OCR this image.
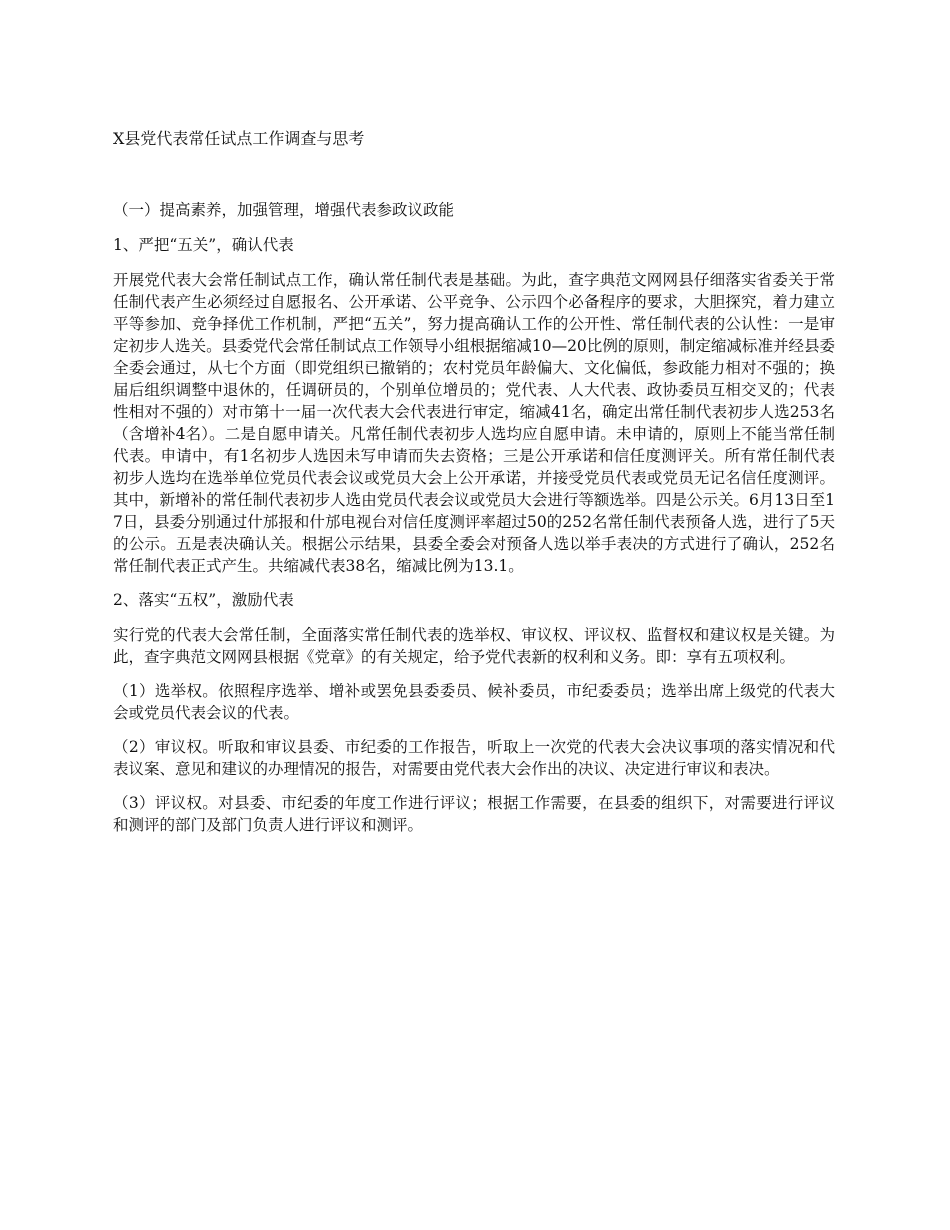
X县党代表常任试点工作调查与思考

（一）提高素养，加强管理，增强代表参政议政能

1、严把“五关”，确认代表

开展党代表大会常任制试点工作，确认常任制代表是基础。为此，查字典范文网网县仔细落实省委关于常任制代表产生必须经过自愿报名、公开承诺、公平竞争、公示四个必备程序的要求，大胆探究，着力建立平等参加、竞争择优工作机制，严把“五关”，努力提高确认工作的公开性、常任制代表的公认性：一是审定初步人选关。县委党代会常任制试点工作领导小组根据缩减10—20比例的原则，制定缩减标准并经县委全委会通过，从七个方面（即党组织已撤销的；农村党员年龄偏大、文化偏低，参政能力相对不强的；换届后组织调整中退休的，任调研员的，个别单位增员的；党代表、人大代表、政协委员互相交叉的；代表性相对不强的）对市第十一届一次代表大会代表进行审定，缩减41名，确定出常任制代表初步人选253名（含增补4名）。二是自愿申请关。凡常任制代表初步人选均应自愿申请。未申请的，原则上不能当常任制代表。申请中，有1名初步人选因未写申请而失去资格；三是公开承诺和信任度测评关。所有常任制代表初步人选均在选举单位党员代表会议或党员大会上公开承诺，并接受党员代表或党员无记名信任度测评。其中，新增补的常任制代表初步人选由党员代表会议或党员大会进行等额选举。四是公示关。6月13日至17日，县委分别通过什邡报和什邡电视台对信任度测评率超过50的252名常任制代表预备人选，进行了5天的公示。五是表决确认关。根据公示结果，县委全委会对预备人选以举手表决的方式进行了确认，252名常任制代表正式产生。共缩减代表38名，缩减比例为13.1。

2、落实“五权”，激励代表

实行党的代表大会常任制，全面落实常任制代表的选举权、审议权、评议权、监督权和建议权是关键。为此，查字典范文网网县根据《党章》的有关规定，给予党代表新的权利和义务。即：享有五项权利。

（1）选举权。依照程序选举、增补或罢免县委委员、候补委员，市纪委委员；选举出席上级党的代表大会或党员代表会议的代表。

（2）审议权。听取和审议县委、市纪委的工作报告，听取上一次党的代表大会决议事项的落实情况和代表议案、意见和建议的办理情况的报告，对需要由党代表大会作出的决议、决定进行审议和表决。

（3）评议权。对县委、市纪委的年度工作进行评议；根据工作需要，在县委的组织下，对需要进行评议和测评的部门及部门负责人进行评议和测评。
